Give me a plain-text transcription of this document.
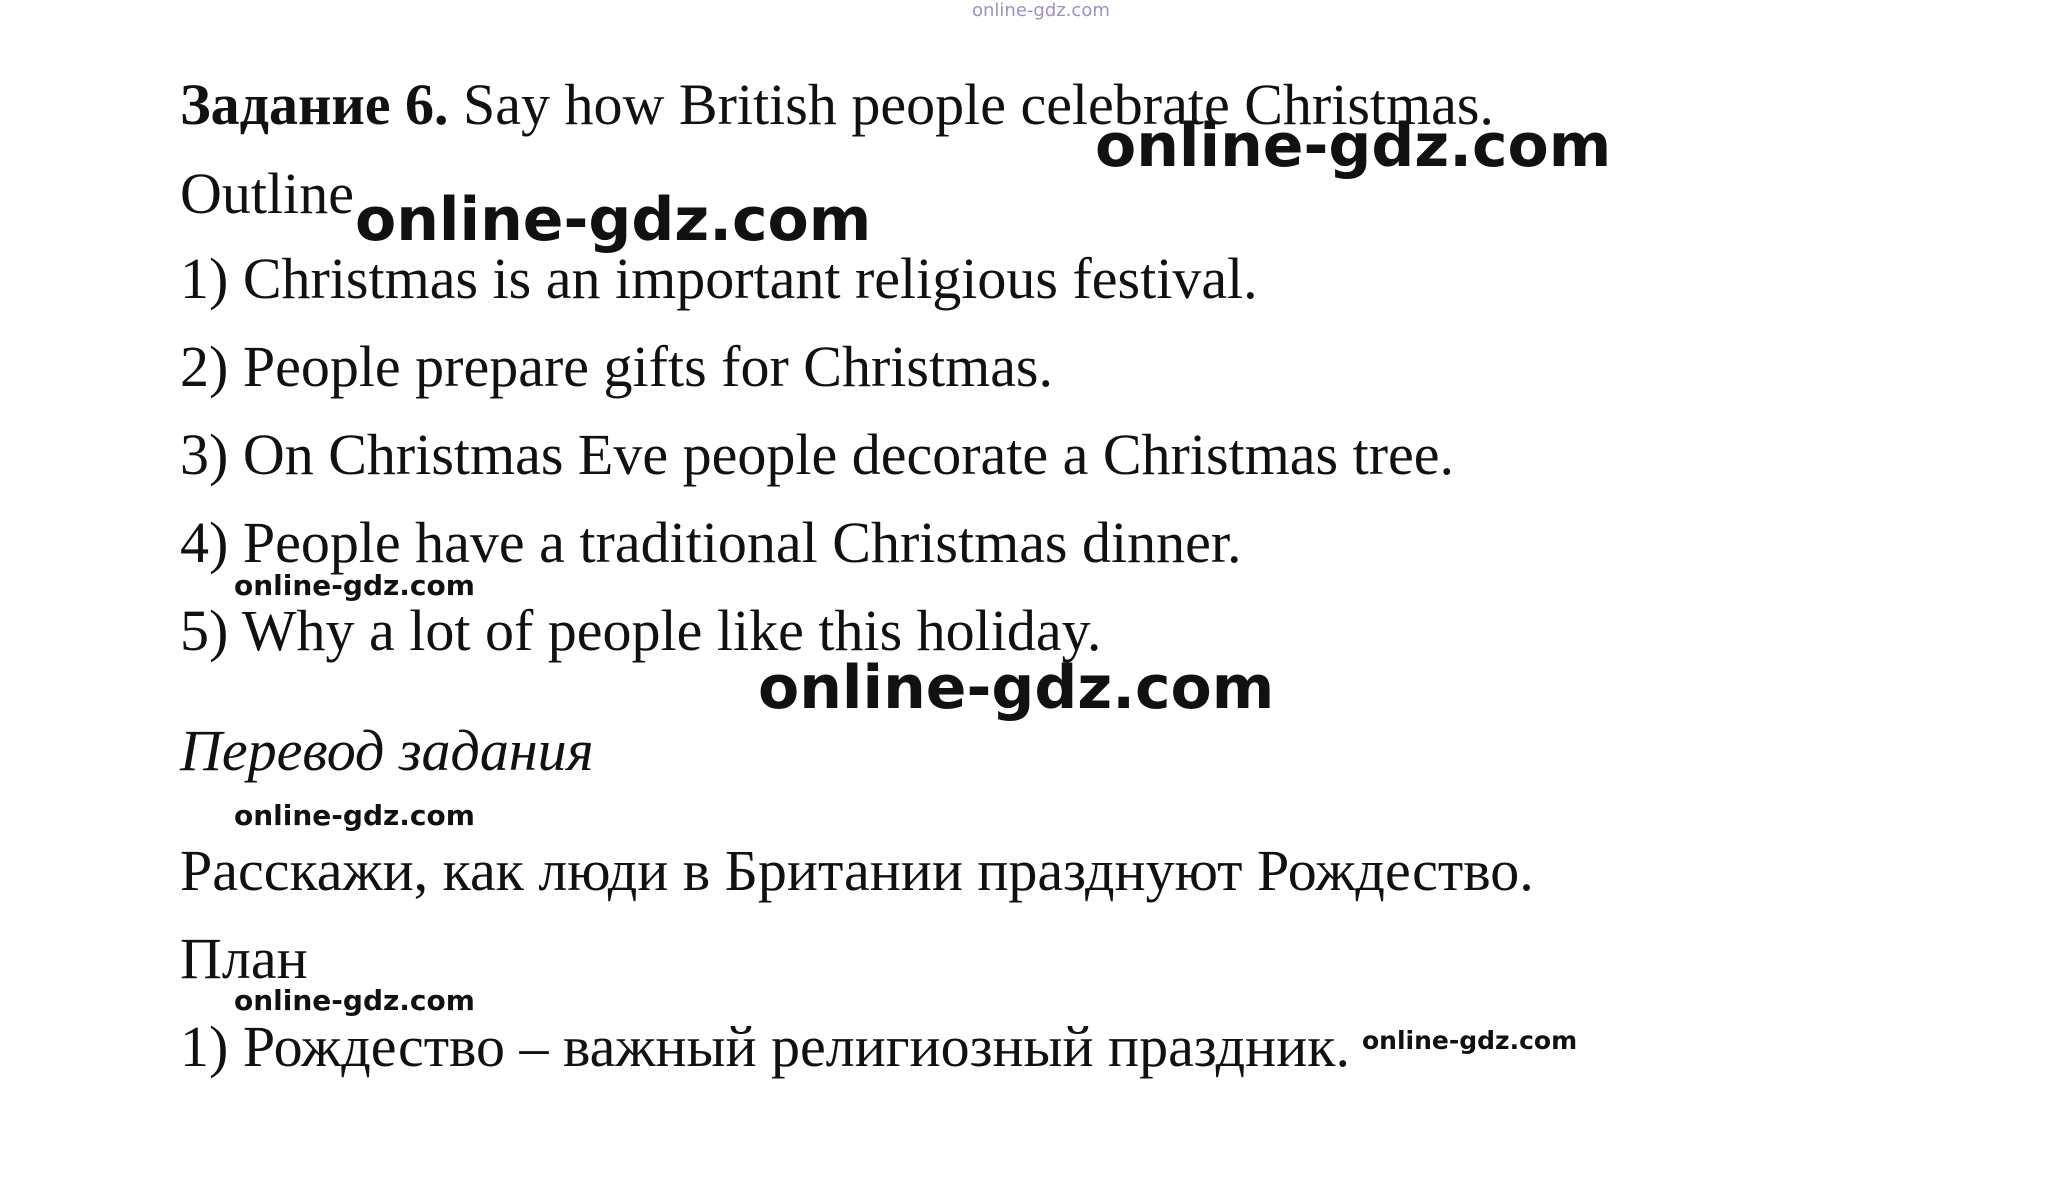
online-gdz.com
Задание 6. Say how British people celebrate Christmas.
online-gdz.com
Outline online-gdz.com
1) Christmas is an important religious festival.
2) People prepare gifts for Christmas.
3) On Christmas Eve people decorate a Christmas tree.
4) People have a traditional Christmas dinner.
online-gdz.com
5) Why a lot of people like this holiday.
online-gdz.com
Перевод задания
online-gdz.com
Расскажи, как люди в Британии празднуют Рождество.
План
online-gdz.com
1) Рождество – важный религиозный праздник. online-gdz.com
